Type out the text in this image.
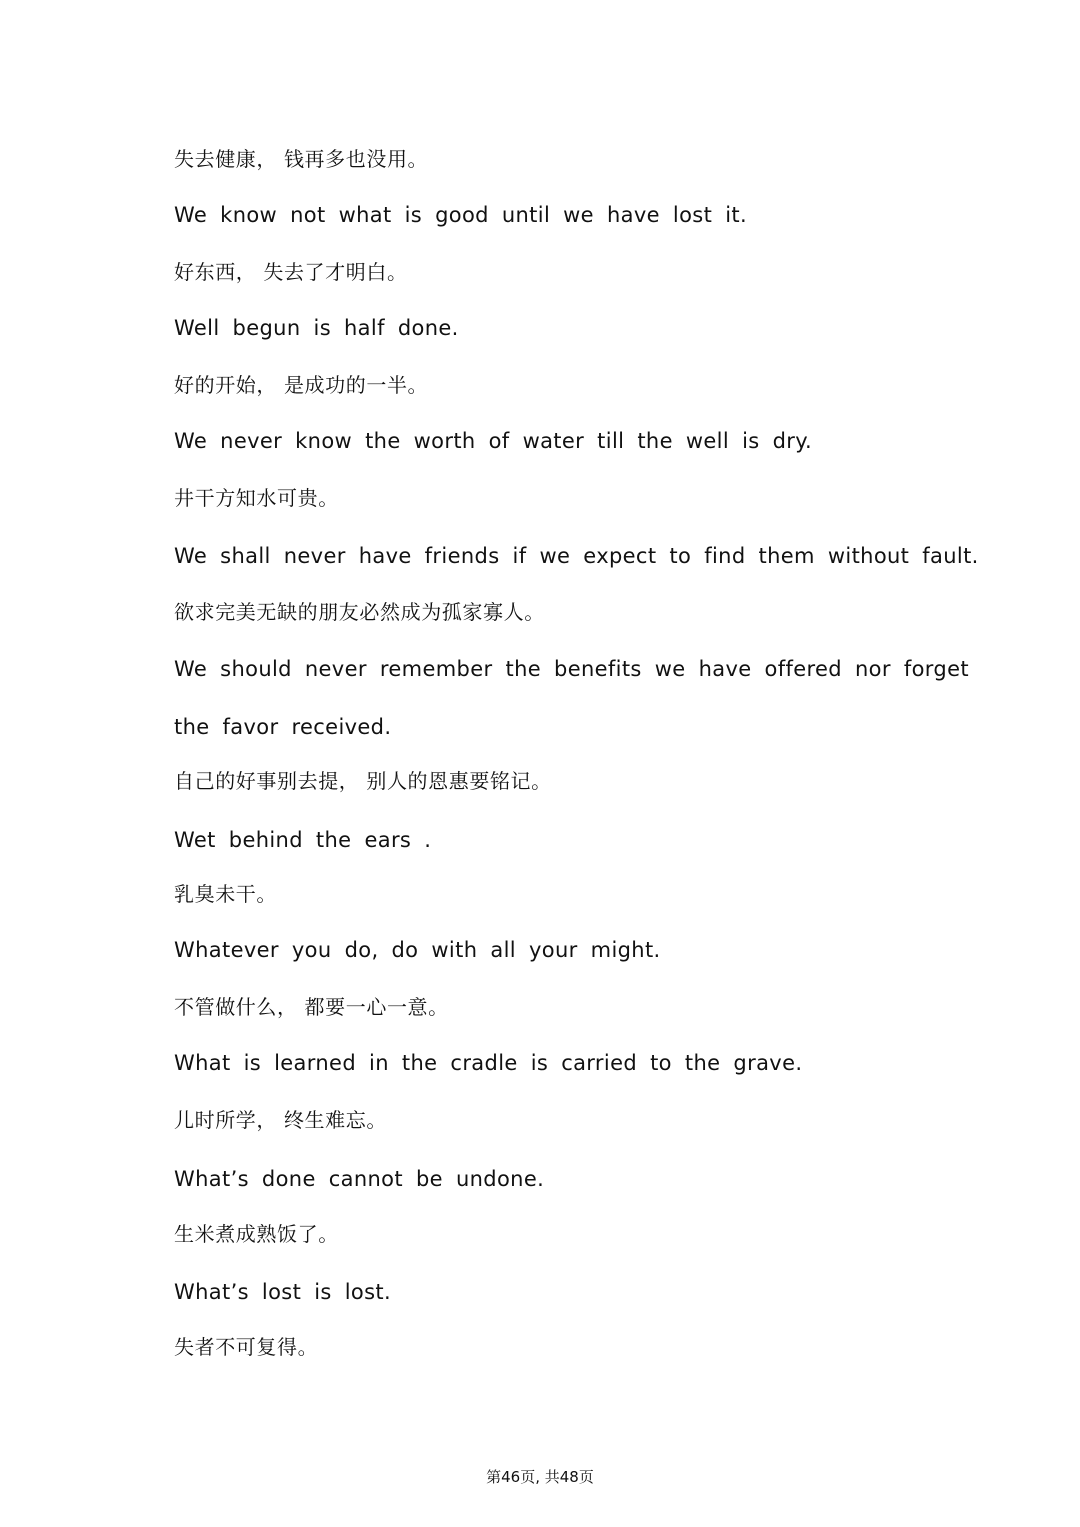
失去健康， 钱再多也没用。
We know not what is good until we have lost it.
好东西， 失去了才明白。
Well begun is half done.
好的开始， 是成功的一半。
We never know the worth of water till the well is dry.
井干方知水可贵。
We shall never have friends if we expect to find them without fault.
欲求完美无缺的朋友必然成为孤家寡人。
We should never remember the benefits we have offered nor forget
the favor received.
自己的好事别去提， 别人的恩惠要铭记。
Wet behind the ears .
乳臭未干。
Whatever you do, do with all your might.
不管做什么， 都要一心一意。
What is learned in the cradle is carried to the grave.
儿时所学， 终生难忘。
What’s done cannot be undone.
生米煮成熟饭了。
What’s lost is lost.
失者不可复得。
第46页, 共48页
